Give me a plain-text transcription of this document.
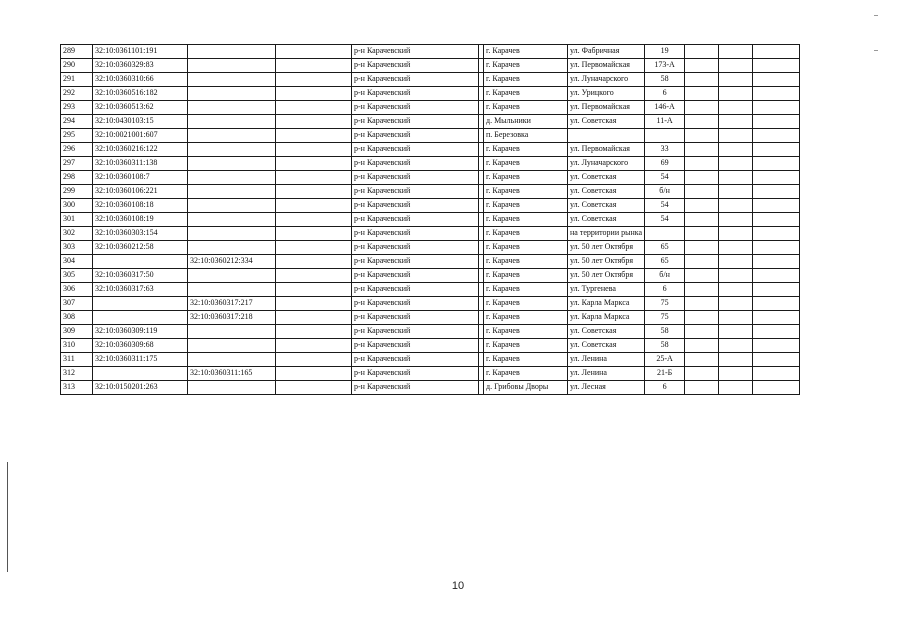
289	32:10:0361101:191			р-н Карачевский		г. Карачев	ул. Фабричная	19			
290	32:10:0360329:83			р-н Карачевский		г. Карачев	ул. Первомайская	173-А			
291	32:10:0360310:66			р-н Карачевский		г. Карачев	ул. Луначарского	58			
292	32:10:0360516:182			р-н Карачевский		г. Карачев	ул. Урицкого	6			
293	32:10:0360513:62			р-н Карачевский		г. Карачев	ул. Первомайская	146-А			
294	32:10:0430103:15			р-н Карачевский		д. Мыльники	ул. Советская	11-А			
295	32:10:0021001:607			р-н Карачевский		п. Березовка					
296	32:10:0360216:122			р-н Карачевский		г. Карачев	ул. Первомайская	33			
297	32:10:0360311:138			р-н Карачевский		г. Карачев	ул. Луначарского	69			
298	32:10:0360108:7			р-н Карачевский		г. Карачев	ул. Советская	54			
299	32:10:0360106:221			р-н Карачевский		г. Карачев	ул. Советская	б/н			
300	32:10:0360108:18			р-н Карачевский		г. Карачев	ул. Советская	54			
301	32:10:0360108:19			р-н Карачевский		г. Карачев	ул. Советская	54			
302	32:10:0360303:154			р-н Карачевский		г. Карачев	на территории рынка				
303	32:10:0360212:58			р-н Карачевский		г. Карачев	ул. 50 лет Октября	65			
304		32:10:0360212:334		р-н Карачевский		г. Карачев	ул. 50 лет Октября	65			
305	32:10:0360317:50			р-н Карачевский		г. Карачев	ул. 50 лет Октября	б/н			
306	32:10:0360317:63			р-н Карачевский		г. Карачев	ул. Тургенева	6			
307		32:10:0360317:217		р-н Карачевский		г. Карачев	ул. Карла Маркса	75			
308		32:10:0360317:218		р-н Карачевский		г. Карачев	ул. Карла Маркса	75			
309	32:10:0360309:119			р-н Карачевский		г. Карачев	ул. Советская	58			
310	32:10:0360309:68			р-н Карачевский		г. Карачев	ул. Советская	58			
311	32:10:0360311:175			р-н Карачевский		г. Карачев	ул. Ленина	25-А			
312		32:10:0360311:165		р-н Карачевский		г. Карачев	ул. Ленина	21-Б			
313	32:10:0150201:263			р-н Карачевский		д. Грибовы Дворы	ул. Лесная	6			
10
